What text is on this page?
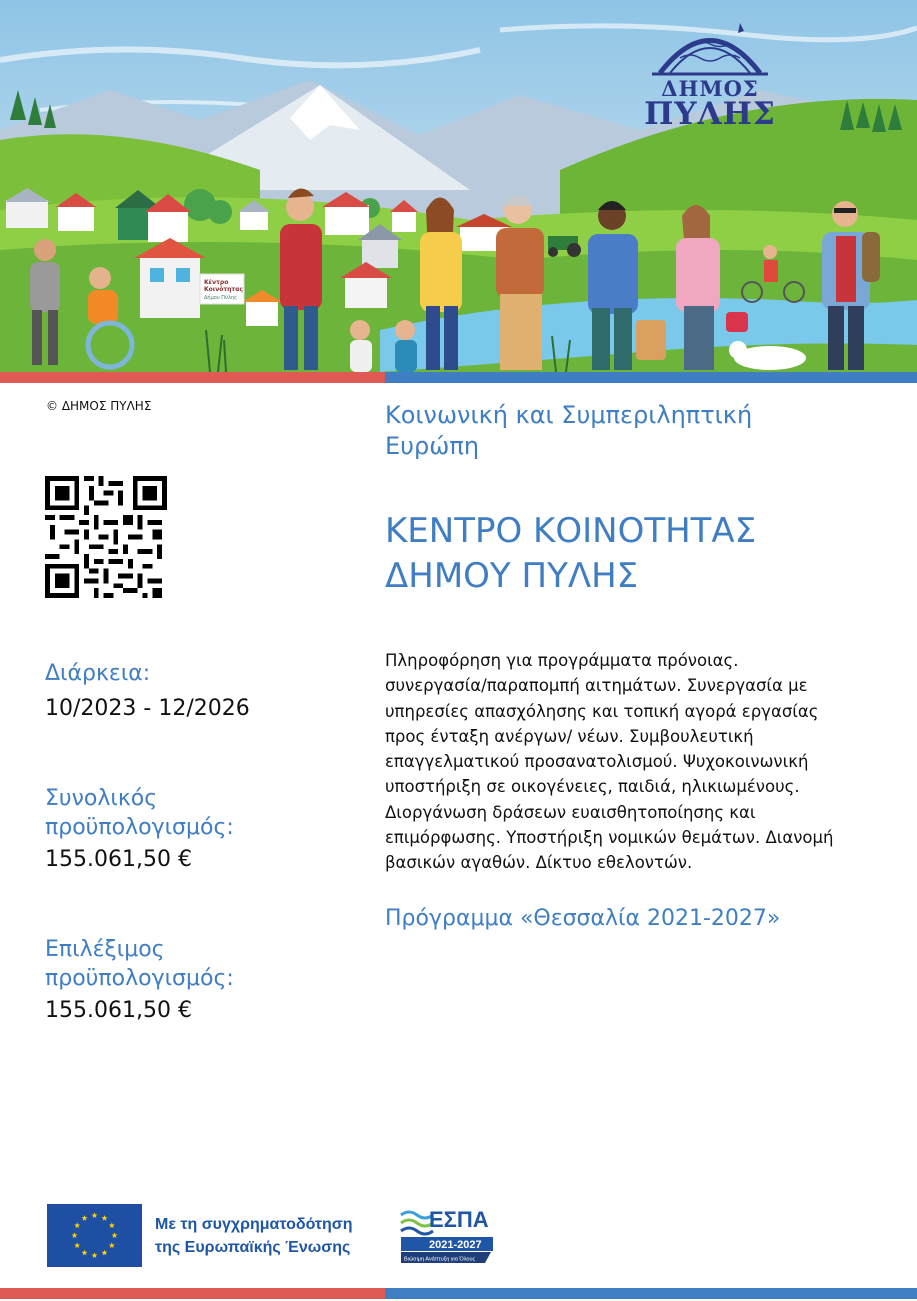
Κέντρο
Κοινότητας
Δήμου Πύλης
ΔΗΜΟΣ
ΠΥΛΗΣ
© ΔΗΜΟΣ ΠΥΛΗΣ
Διάρκεια:
10/2023 - 12/2026
Συνολικός
προϋπολογισμός:
155.061,50 €
Επιλέξιμος
προϋπολογισμός:
155.061,50 €
Κοινωνική και Συμπεριληπτική
Ευρώπη
ΚΕΝΤΡΟ ΚΟΙΝΟΤΗΤΑΣ
ΔΗΜΟΥ ΠΥΛΗΣ
Πληροφόρηση για προγράμματα πρόνοιας.
συνεργασία/παραπομπή αιτημάτων. Συνεργασία με
υπηρεσίες απασχόλησης και τοπική αγορά εργασίας
προς ένταξη ανέργων/ νέων. Συμβουλευτική
επαγγελματικού προσανατολισμού. Ψυχοκοινωνική
υποστήριξη σε οικογένειες, παιδιά, ηλικιωμένους.
Διοργάνωση δράσεων ευαισθητοποίησης και
επιμόρφωσης. Υποστήριξη νομικών θεμάτων. Διανομή
βασικών αγαθών. Δίκτυο εθελοντών.
Πρόγραμμα «Θεσσαλία 2021-2027»
Με τη συγχρηματοδότηση
της Ευρωπαϊκής Ένωσης
ΕΣΠΑ
2021-2027
Βιώσιμη Ανάπτυξη για Όλους
